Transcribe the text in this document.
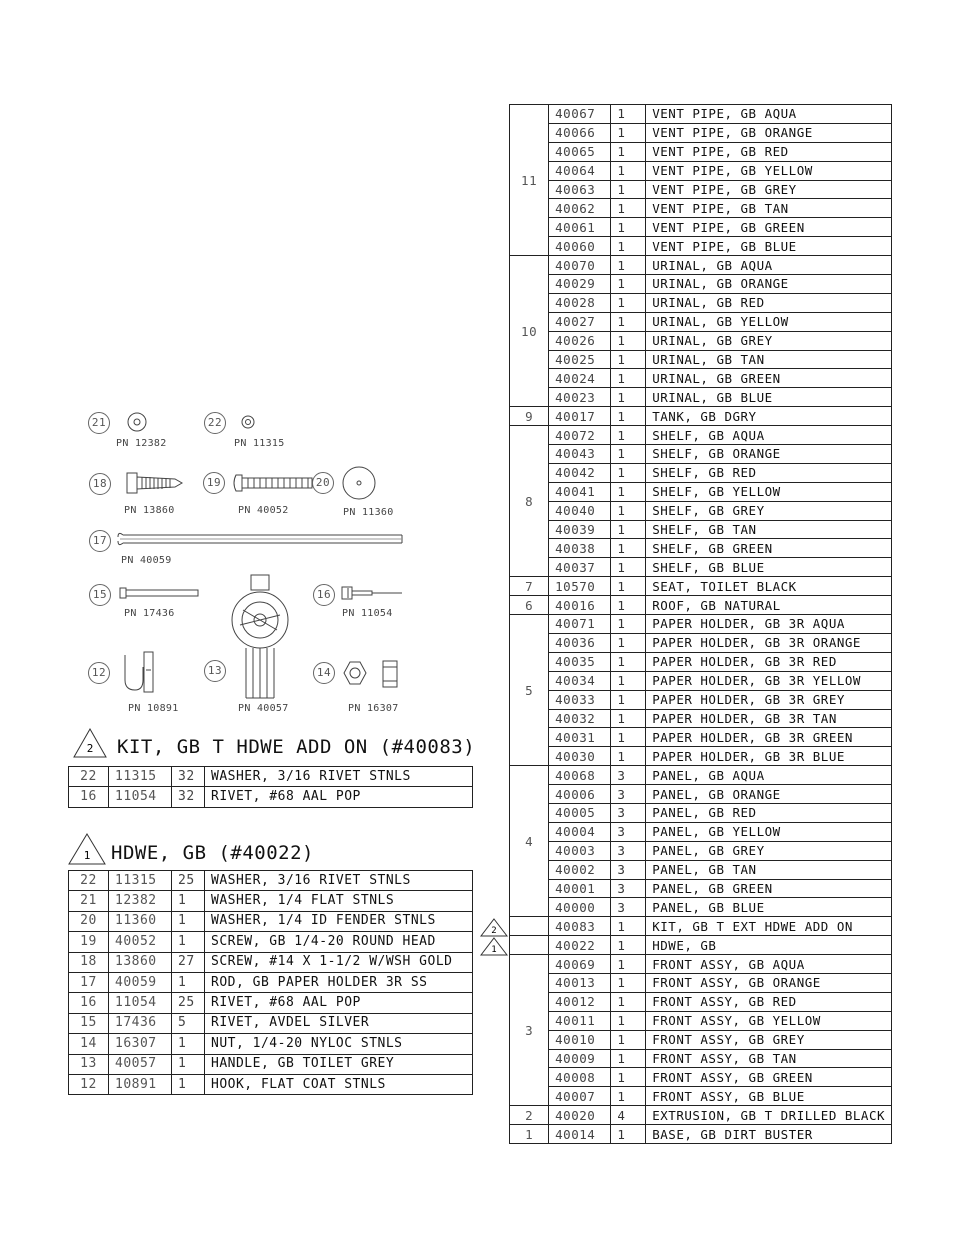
11	40067	1	VENT PIPE, GB AQUA
	40066	1	VENT PIPE, GB ORANGE
	40065	1	VENT PIPE, GB RED
	40064	1	VENT PIPE, GB YELLOW
	40063	1	VENT PIPE, GB GREY
	40062	1	VENT PIPE, GB TAN
	40061	1	VENT PIPE, GB GREEN
	40060	1	VENT PIPE, GB BLUE
10	40070	1	URINAL, GB AQUA
	40029	1	URINAL, GB ORANGE
	40028	1	URINAL, GB RED
	40027	1	URINAL, GB YELLOW
	40026	1	URINAL, GB GREY
	40025	1	URINAL, GB TAN
	40024	1	URINAL, GB GREEN
	40023	1	URINAL, GB BLUE
9	40017	1	TANK, GB DGRY
8	40072	1	SHELF, GB AQUA
	40043	1	SHELF, GB ORANGE
	40042	1	SHELF, GB RED
	40041	1	SHELF, GB YELLOW
	40040	1	SHELF, GB GREY
	40039	1	SHELF, GB TAN
	40038	1	SHELF, GB GREEN
	40037	1	SHELF, GB BLUE
7	10570	1	SEAT, TOILET BLACK
6	40016	1	ROOF, GB NATURAL
5	40071	1	PAPER HOLDER, GB 3R AQUA
	40036	1	PAPER HOLDER, GB 3R ORANGE
	40035	1	PAPER HOLDER, GB 3R RED
	40034	1	PAPER HOLDER, GB 3R YELLOW
	40033	1	PAPER HOLDER, GB 3R GREY
	40032	1	PAPER HOLDER, GB 3R TAN
	40031	1	PAPER HOLDER, GB 3R GREEN
	40030	1	PAPER HOLDER, GB 3R BLUE
4	40068	3	PANEL, GB AQUA
	40006	3	PANEL, GB ORANGE
	40005	3	PANEL, GB RED
	40004	3	PANEL, GB YELLOW
	40003	3	PANEL, GB GREY
	40002	3	PANEL, GB TAN
	40001	3	PANEL, GB GREEN
	40000	3	PANEL, GB BLUE
	40083	1	KIT, GB T EXT HDWE ADD ON
	40022	1	HDWE, GB
3	40069	1	FRONT ASSY, GB AQUA
	40013	1	FRONT ASSY, GB ORANGE
	40012	1	FRONT ASSY, GB RED
	40011	1	FRONT ASSY, GB YELLOW
	40010	1	FRONT ASSY, GB GREY
	40009	1	FRONT ASSY, GB TAN
	40008	1	FRONT ASSY, GB GREEN
	40007	1	FRONT ASSY, GB BLUE
2	40020	4	EXTRUSION, GB T DRILLED BLACK
1	40014	1	BASE, GB DIRT BUSTER
2
1
21
PN 12382
22
PN 11315
18
PN 13860
19
PN 40052
20
PN 11360
17
PN 40059
15
PN 17436
16
PN 11054
12
PN 10891
13
PN 40057
14
PN 16307
2 KIT, GB T HDWE ADD ON (#40083)
22	11315	32	WASHER, 3/16 RIVET STNLS
16	11054	32	RIVET, #68 AAL POP
1 HDWE, GB (#40022)
22	11315	25	WASHER, 3/16 RIVET STNLS
21	12382	1	WASHER, 1/4 FLAT STNLS
20	11360	1	WASHER, 1/4 ID FENDER STNLS
19	40052	1	SCREW, GB 1/4-20 ROUND HEAD
18	13860	27	SCREW, #14 X 1-1/2 W/WSH GOLD
17	40059	1	ROD, GB PAPER HOLDER 3R SS
16	11054	25	RIVET, #68 AAL POP
15	17436	5	RIVET, AVDEL SILVER
14	16307	1	NUT, 1/4-20 NYLOC STNLS
13	40057	1	HANDLE, GB TOILET GREY
12	10891	1	HOOK, FLAT COAT STNLS
